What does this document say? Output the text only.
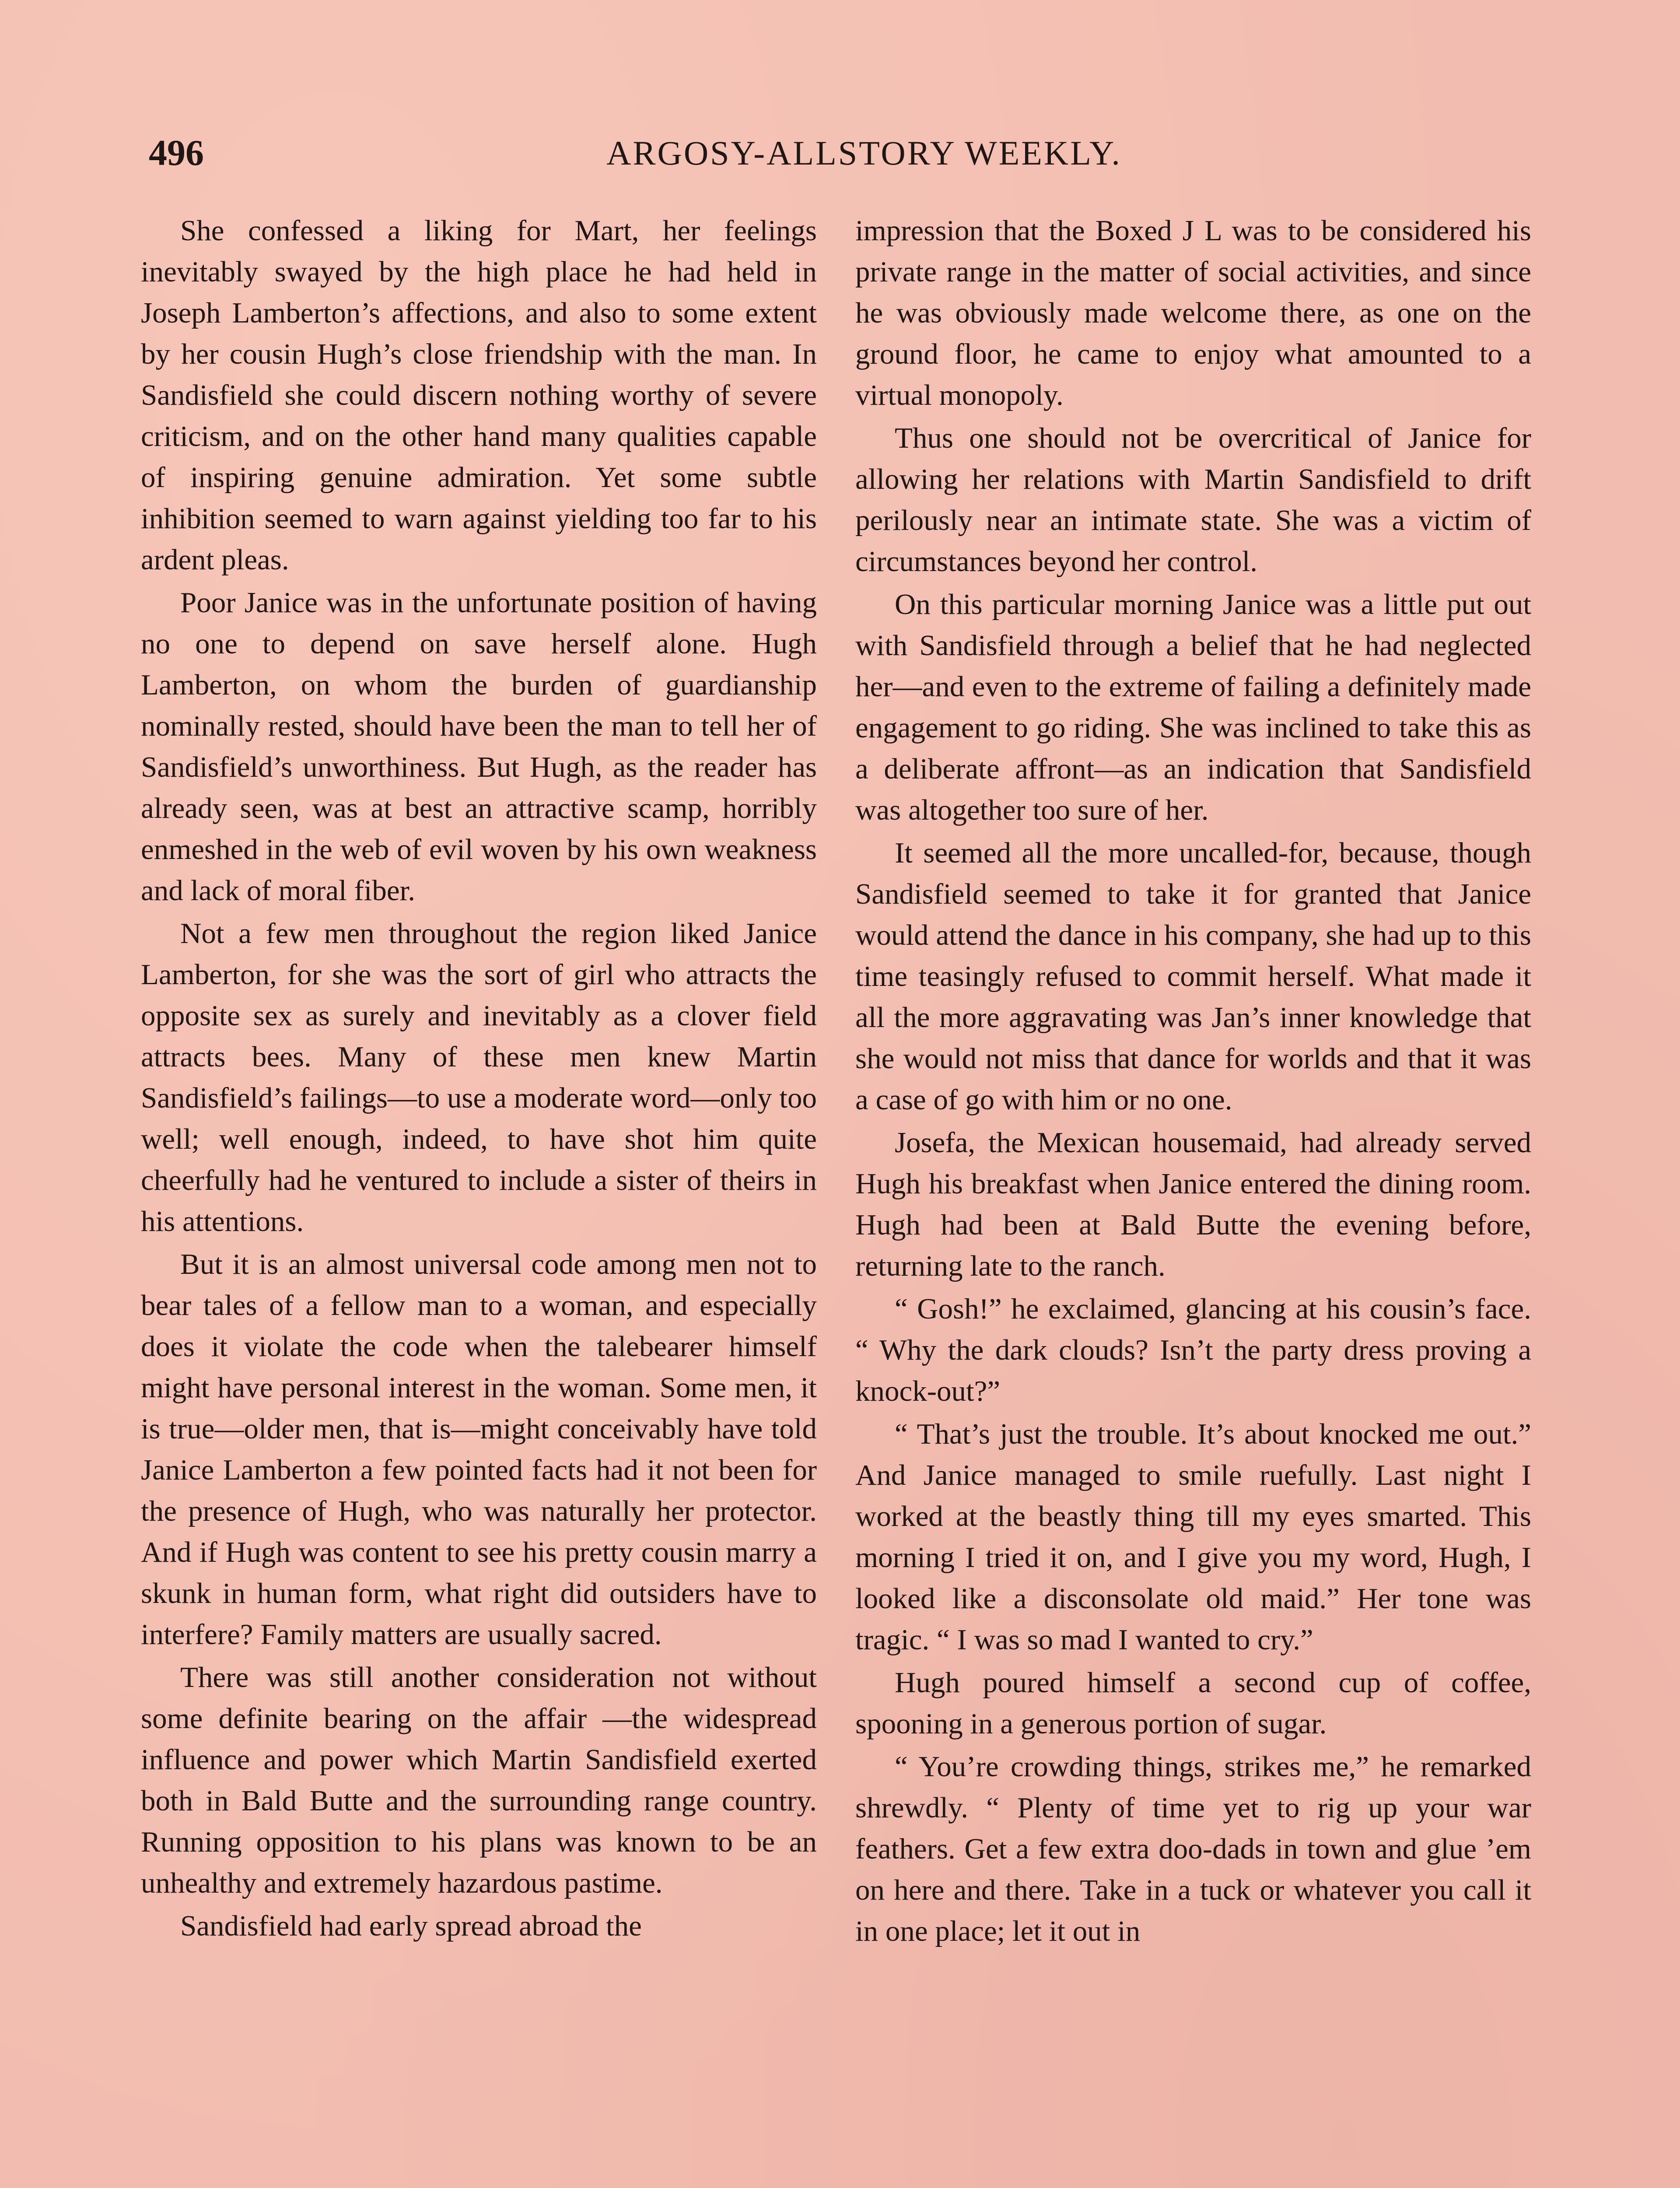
496	ARGOSY-ALLSTORY WEEKLY.

She confessed a liking for Mart, her feelings inevitably swayed by the high place he had held in Joseph Lamberton’s affections, and also to some extent by her cousin Hugh’s close friendship with the man. In Sandisfield she could discern nothing worthy of severe criticism, and on the other hand many qualities capable of inspiring genuine admiration. Yet some subtle inhibition seemed to warn against yielding too far to his ardent pleas.

Poor Janice was in the unfortunate position of having no one to depend on save herself alone. Hugh Lamberton, on whom the burden of guardianship nominally rested, should have been the man to tell her of Sandisfield’s unworthiness. But Hugh, as the reader has already seen, was at best an attractive scamp, horribly enmeshed in the web of evil woven by his own weakness and lack of moral fiber.

Not a few men throughout the region liked Janice Lamberton, for she was the sort of girl who attracts the opposite sex as surely and inevitably as a clover field attracts bees. Many of these men knew Martin Sandisfield’s failings—to use a moderate word—only too well; well enough, indeed, to have shot him quite cheerfully had he ventured to include a sister of theirs in his attentions.

But it is an almost universal code among men not to bear tales of a fellow man to a woman, and especially does it violate the code when the talebearer himself might have personal interest in the woman. Some men, it is true—older men, that is—might conceivably have told Janice Lamberton a few pointed facts had it not been for the presence of Hugh, who was naturally her protector. And if Hugh was content to see his pretty cousin marry a skunk in human form, what right did outsiders have to interfere? Family matters are usually sacred.

There was still another consideration not without some definite bearing on the affair —the widespread influence and power which Martin Sandisfield exerted both in Bald Butte and the surrounding range country. Running opposition to his plans was known to be an unhealthy and extremely hazardous pastime.

Sandisfield had early spread abroad the

impression that the Boxed J L was to be considered his private range in the matter of social activities, and since he was obviously made welcome there, as one on the ground floor, he came to enjoy what amounted to a virtual monopoly.

Thus one should not be overcritical of Janice for allowing her relations with Martin Sandisfield to drift perilously near an intimate state. She was a victim of circumstances beyond her control.

On this particular morning Janice was a little put out with Sandisfield through a belief that he had neglected her—and even to the extreme of failing a definitely made engagement to go riding. She was inclined to take this as a deliberate affront—as an indication that Sandisfield was altogether too sure of her.

It seemed all the more uncalled-for, because, though Sandisfield seemed to take it for granted that Janice would attend the dance in his company, she had up to this time teasingly refused to commit herself. What made it all the more aggravating was Jan’s inner knowledge that she would not miss that dance for worlds and that it was a case of go with him or no one.

Josefa, the Mexican housemaid, had already served Hugh his breakfast when Janice entered the dining room. Hugh had been at Bald Butte the evening before, returning late to the ranch.

“ Gosh!” he exclaimed, glancing at his cousin’s face. “ Why the dark clouds? Isn’t the party dress proving a knock-out?”

“ That’s just the trouble. It’s about knocked me out.” And Janice managed to smile ruefully. Last night I worked at the beastly thing till my eyes smarted. This morning I tried it on, and I give you my word, Hugh, I looked like a disconsolate old maid.” Her tone was tragic. “ I was so mad I wanted to cry.”

Hugh poured himself a second cup of coffee, spooning in a generous portion of sugar.

“ You’re crowding things, strikes me,” he remarked shrewdly. “ Plenty of time yet to rig up your war feathers. Get a few extra doo-dads in town and glue ’em on here and there. Take in a tuck or whatever you call it in one place; let it out in
